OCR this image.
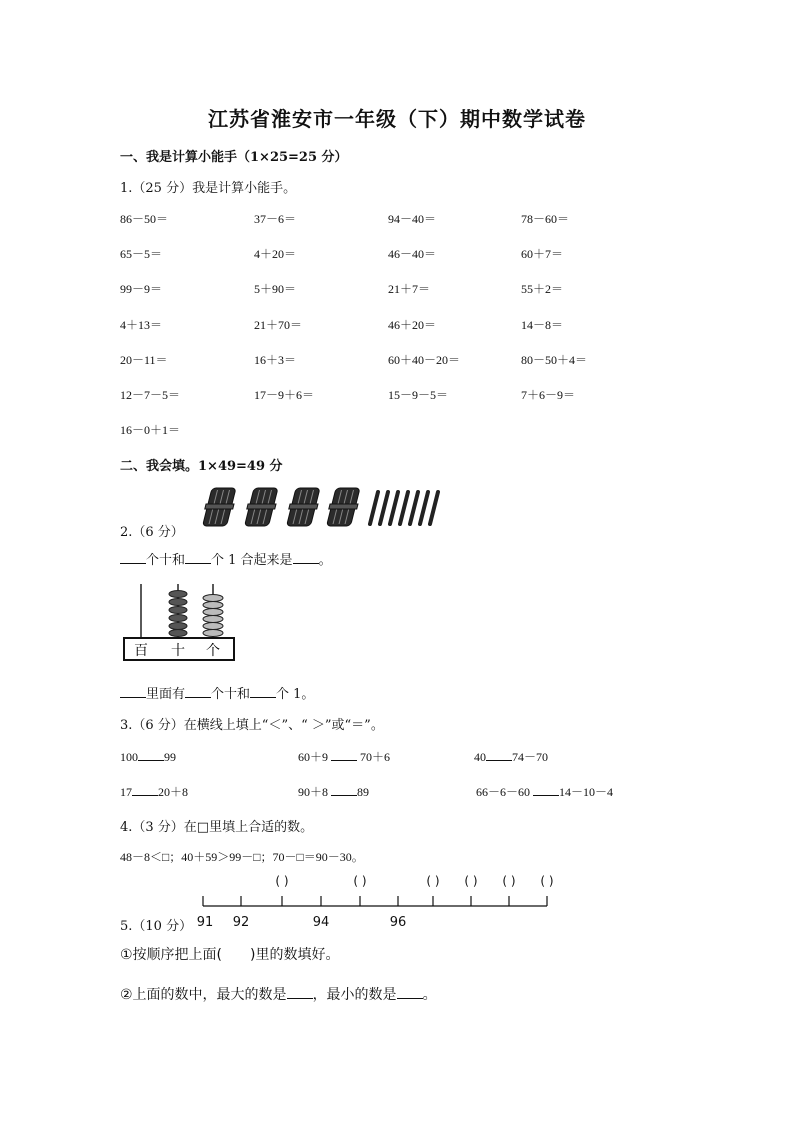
江苏省淮安市一年级（下）期中数学试卷
一、我是计算小能手（1×25=25 分）
1.（25 分）我是计算小能手。
86－50＝	37－6＝	94－40＝	78－60＝
65－5＝	4＋20＝	46－40＝	60＋7＝
99－9＝	5＋90＝	21＋7＝	55＋2＝
4＋13＝	21＋70＝	46＋20＝	14－8＝
20－11＝	16＋3＝	60＋40－20＝	80－50＋4＝
12－7－5＝	17－9＋6＝	15－9－5＝	7＋6－9＝
16－0＋1＝
二、我会填。1×49=49 分
2.（6 分）
个十和 个 1 合起来是 。
百 十 个
里面有 个十和 个 1。
3.（6 分）在横线上填上“＜”、“ ＞”或“＝”。
100 99	60＋9	70＋6	40 74－70
17 20＋8	90＋8 89	66－6－60 14－10－4
4.（3 分）在□里填上合适的数。
48－8＜□；40＋59＞99－□；70－□＝90－30。
( )	( )	( ) ( ) ( ) ( )
91 92	94	96
5.（10 分）
①按顺序把上面(　　)里的数填好。
②上面的数中，最大的数是 ，最小的数是 。
